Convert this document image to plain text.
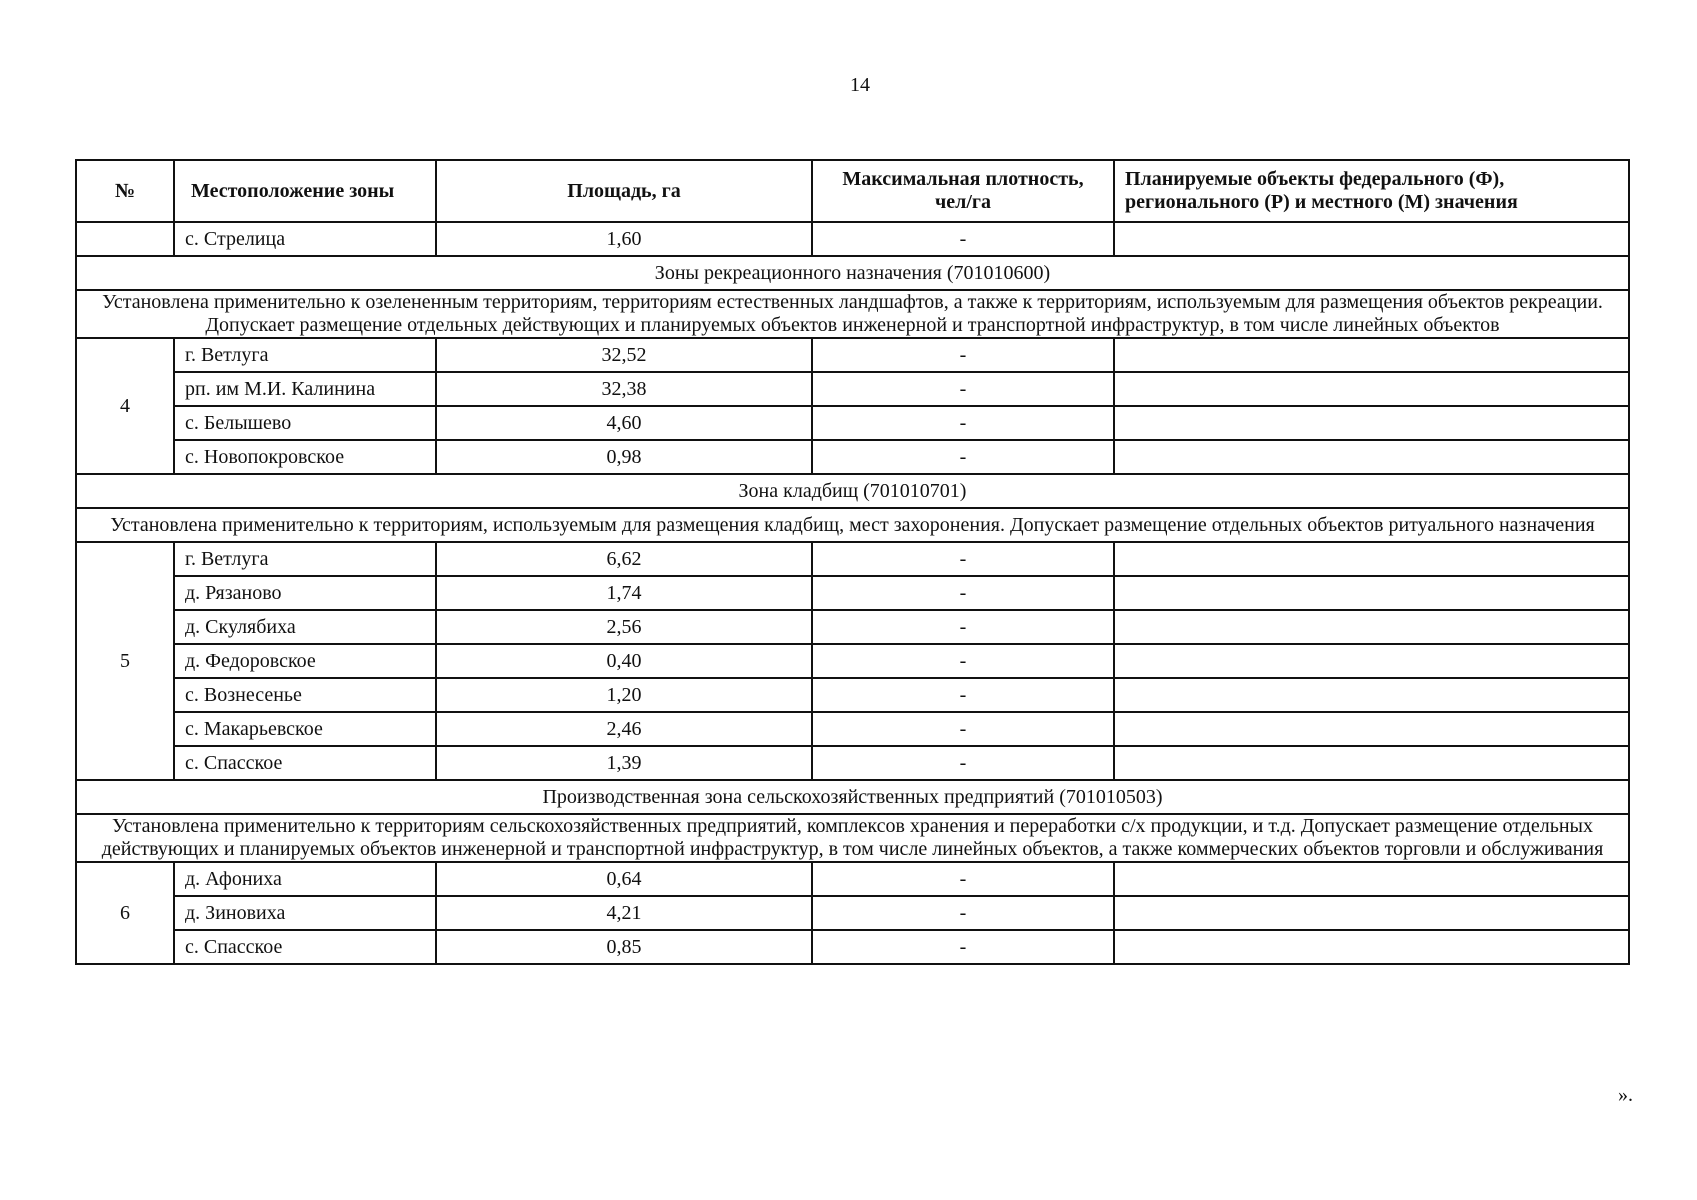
14
№	Местоположение зоны	Площадь, га	Максимальная плотность, чел/га	Планируемые объекты федерального (Ф), регионального (Р) и местного (М) значения
	с. Стрелица	1,60	-	
Зоны рекреационного назначения (701010600)				
Установлена применительно к озелененным территориям, территориям естественных ландшафтов, а также к территориям, используемым для размещения объектов рекреации. Допускает размещение отдельных действующих и планируемых объектов инженерной и транспортной инфраструктур, в том числе линейных объектов				
4	г. Ветлуга	32,52	-	
	рп. им М.И. Калинина	32,38	-	
	с. Белышево	4,60	-	
	с. Новопокровское	0,98	-	
Зона кладбищ (701010701)				
Установлена применительно к территориям, используемым для размещения кладбищ, мест захоронения. Допускает размещение отдельных объектов ритуального назначения				
5	г. Ветлуга	6,62	-	
	д. Рязаново	1,74	-	
	д. Скулябиха	2,56	-	
	д. Федоровское	0,40	-	
	с. Вознесенье	1,20	-	
	с. Макарьевское	2,46	-	
	с. Спасское	1,39	-	
Производственная зона сельскохозяйственных предприятий (701010503)				
Установлена применительно к территориям сельскохозяйственных предприятий, комплексов хранения и переработки с/х продукции, и т.д. Допускает размещение отдельных действующих и планируемых объектов инженерной и транспортной инфраструктур, в том числе линейных объектов, а также коммерческих объектов торговли и обслуживания				
6	д. Афониха	0,64	-	
	д. Зиновиха	4,21	-	
	с. Спасское	0,85	-	
».
